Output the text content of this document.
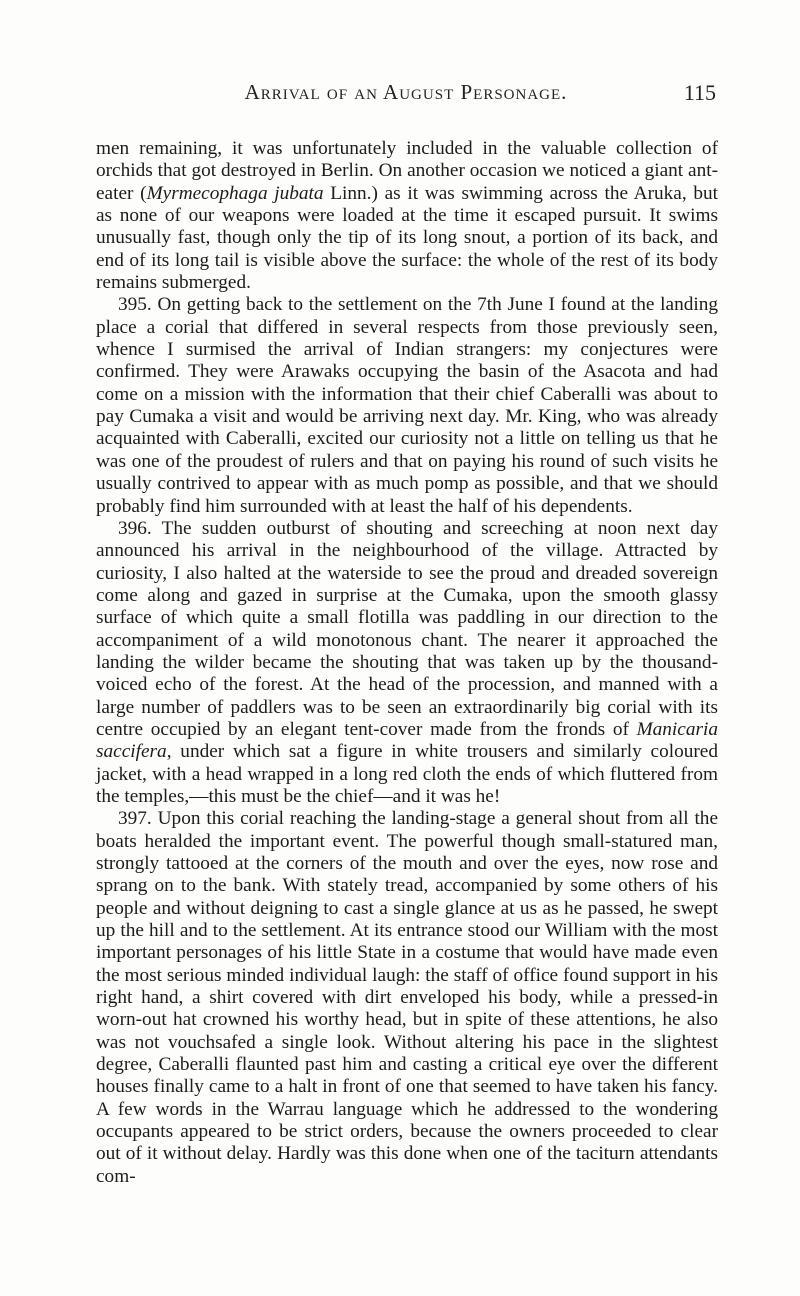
Arrival of an August Personage.	115

men remaining, it was unfortunately included in the valuable collection of orchids that got destroyed in Berlin. On another occasion we noticed a giant ant-eater (Myrmecophaga jubata Linn.) as it was swimming across the Aruka, but as none of our weapons were loaded at the time it escaped pursuit. It swims unusually fast, though only the tip of its long snout, a portion of its back, and end of its long tail is visible above the surface: the whole of the rest of its body remains submerged.

395. On getting back to the settlement on the 7th June I found at the landing place a corial that differed in several respects from those previously seen, whence I surmised the arrival of Indian strangers: my conjectures were confirmed. They were Arawaks occupying the basin of the Asacota and had come on a mission with the information that their chief Caberalli was about to pay Cumaka a visit and would be arriving next day. Mr. King, who was already acquainted with Caberalli, excited our curiosity not a little on telling us that he was one of the proudest of rulers and that on paying his round of such visits he usually contrived to appear with as much pomp as possible, and that we should probably find him surrounded with at least the half of his dependents.

396. The sudden outburst of shouting and screeching at noon next day announced his arrival in the neighbourhood of the village. Attracted by curiosity, I also halted at the waterside to see the proud and dreaded sovereign come along and gazed in surprise at the Cumaka, upon the smooth glassy surface of which quite a small flotilla was paddling in our direction to the accompaniment of a wild monotonous chant. The nearer it approached the landing the wilder became the shouting that was taken up by the thousand-voiced echo of the forest. At the head of the procession, and manned with a large number of paddlers was to be seen an extraordinarily big corial with its centre occupied by an elegant tent-cover made from the fronds of Manicaria saccifera, under which sat a figure in white trousers and similarly coloured jacket, with a head wrapped in a long red cloth the ends of which fluttered from the temples,—this must be the chief—and it was he!

397. Upon this corial reaching the landing-stage a general shout from all the boats heralded the important event. The powerful though small-statured man, strongly tattooed at the corners of the mouth and over the eyes, now rose and sprang on to the bank. With stately tread, accompanied by some others of his people and without deigning to cast a single glance at us as he passed, he swept up the hill and to the settlement. At its entrance stood our William with the most important personages of his little State in a costume that would have made even the most serious minded individual laugh: the staff of office found support in his right hand, a shirt covered with dirt enveloped his body, while a pressed-in worn-out hat crowned his worthy head, but in spite of these attentions, he also was not vouchsafed a single look. Without altering his pace in the slightest degree, Caberalli flaunted past him and casting a critical eye over the different houses finally came to a halt in front of one that seemed to have taken his fancy. A few words in the Warrau language which he addressed to the wondering occupants appeared to be strict orders, because the owners proceeded to clear out of it without delay. Hardly was this done when one of the taciturn attendants com-
